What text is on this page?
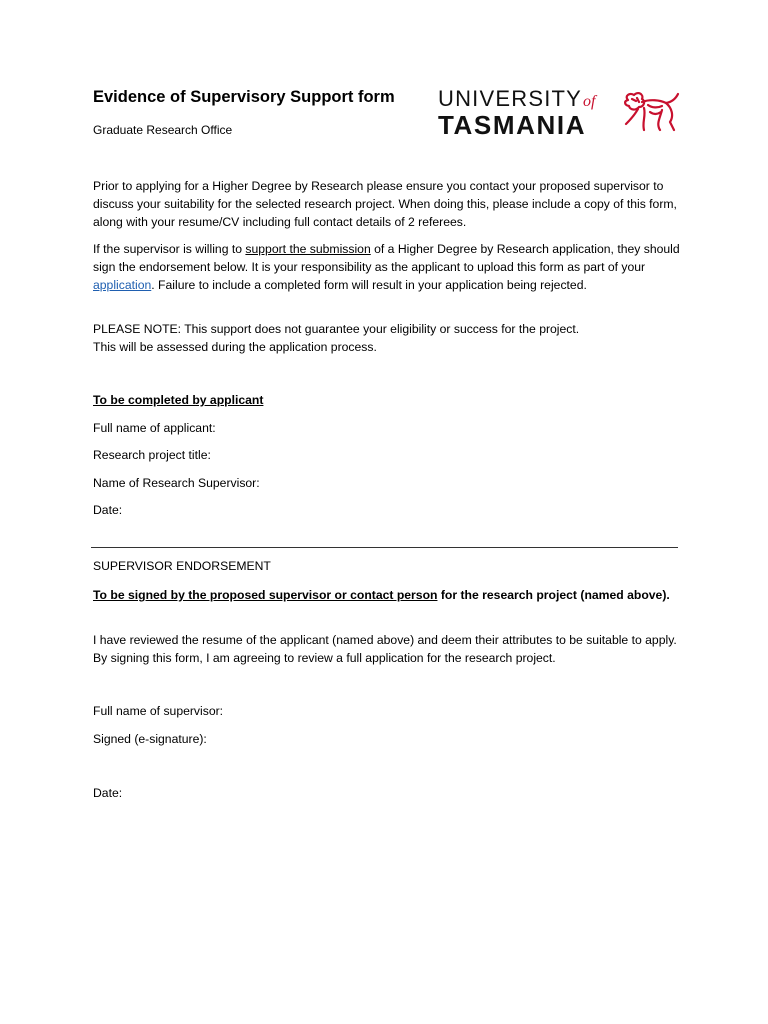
Evidence of Supervisory Support form
Graduate Research Office
UNIVERSITYof
TASMANIA

Prior to applying for a Higher Degree by Research please ensure you contact your proposed supervisor to discuss your suitability for the selected research project. When doing this, please include a copy of this form, along with your resume/CV including full contact details of 2 referees.

If the supervisor is willing to support the submission of a Higher Degree by Research application, they should sign the endorsement below. It is your responsibility as the applicant to upload this form as part of your application. Failure to include a completed form will result in your application being rejected.

PLEASE NOTE: This support does not guarantee your eligibility or success for the project.
This will be assessed during the application process.

To be completed by applicant
Full name of applicant:
Research project title:
Name of Research Supervisor:
Date:
SUPERVISOR ENDORSEMENT

To be signed by the proposed supervisor or contact person for the research project (named above).

I have reviewed the resume of the applicant (named above) and deem their attributes to be suitable to apply. By signing this form, I am agreeing to review a full application for the research project.

Full name of supervisor:
Signed (e-signature):
Date:
